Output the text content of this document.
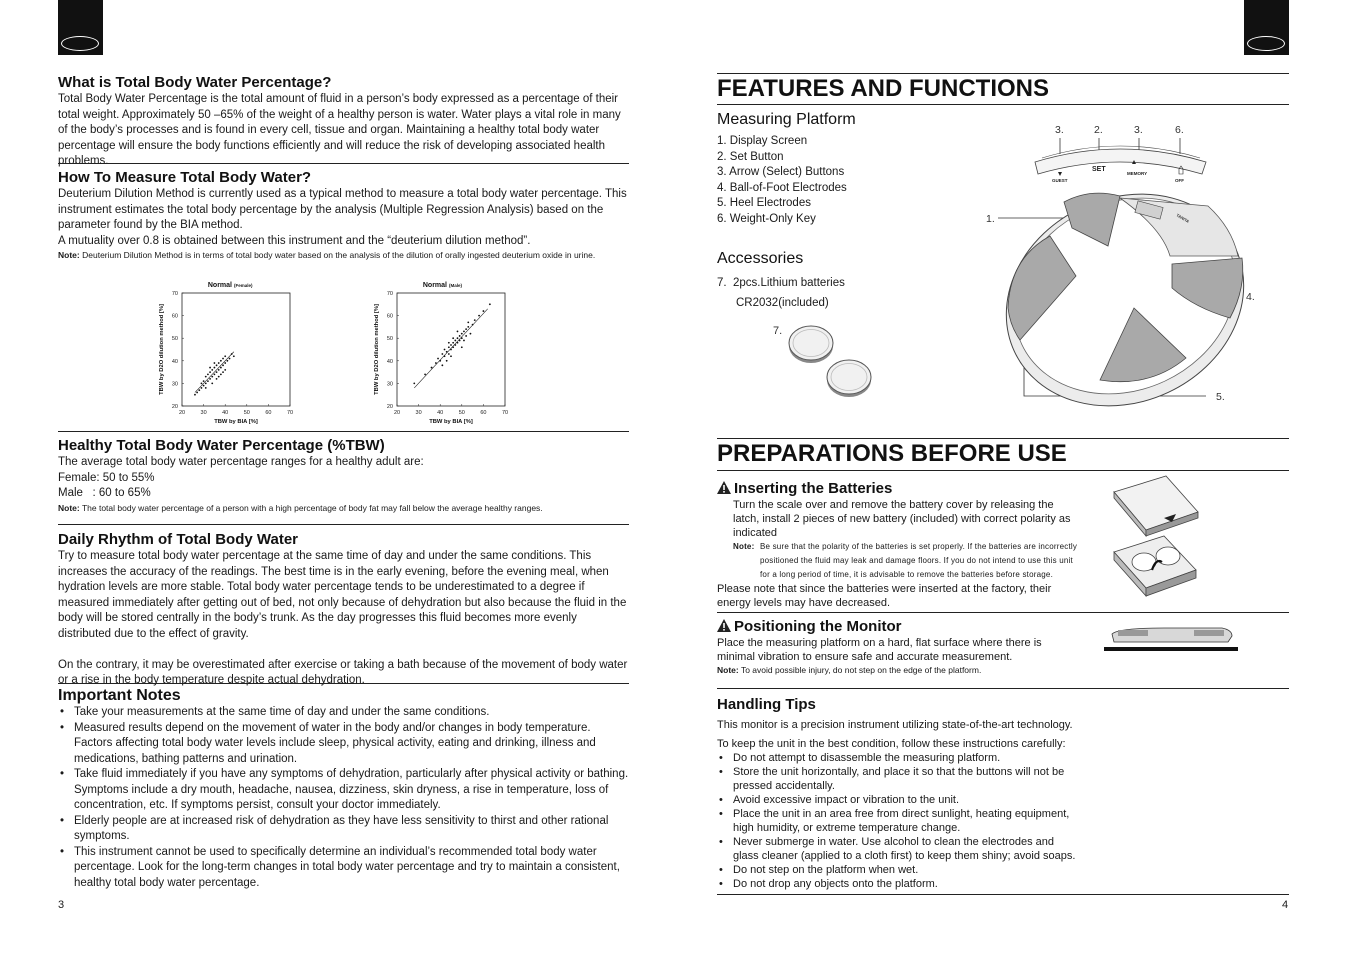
What is Total Body Water Percentage?

Total Body Water Percentage is the total amount of fluid in a person’s body expressed as a percentage of their total weight. Approximately 50 –65% of the weight of a healthy person is water. Water plays a vital role in many of the body’s processes and is found in every cell, tissue and organ. Maintaining a healthy total body water percentage will ensure the body functions efficiently and will reduce the risk of developing associated health problems.

How To Measure Total Body Water?

Deuterium Dilution Method is currently used as a typical method to measure a total body water percentage. This instrument estimates the total body percentage by the analysis (Multiple Regression Analysis) based on the parameter found by the BIA method.

A mutuality over 0.8 is obtained between this instrument and the “deuterium dilution method”.

Note: Deuterium Dilution Method is in terms of total body water based on the analysis of the dilution of orally ingested deuterium oxide in urine.

Normal (Female)
20	30	40	50	60	70
20
30
40
50
60
70
TBW by BIA [%]
TBW by D2O dilution method [%]
Normal (Male)
20	30	40	50	60	70
20
30
40
50
60
70
TBW by BIA [%]
TBW by D2O dilution method [%]
Healthy Total Body Water Percentage (%TBW)

The average total body water percentage ranges for a healthy adult are:

Female: 50 to 55%

Male   : 60 to 65%

Note: The total body water percentage of a person with a high percentage of body fat may fall below the average healthy ranges.

Daily Rhythm of Total Body Water

Try to measure total body water percentage at the same time of day and under the same conditions. This increases the accuracy of the readings. The best time is in the early evening, before the evening meal, when hydration levels are more stable. Total body water percentage tends to be underestimated to a degree if measured immediately after getting out of bed, not only because of dehydration but also because the fluid in the body will be stored centrally in the body’s trunk. As the day progresses this fluid becomes more evenly distributed due to the effect of gravity.

On the contrary, it may be overestimated after exercise or taking a bath because of the movement of body water or a rise in the body temperature despite actual dehydration.

Important Notes
• Take your measurements at the same time of day and under the same conditions.
• Measured results depend on the movement of water in the body and/or changes in body temperature. Factors affecting total body water levels include sleep, physical activity, eating and drinking, illness and medications, bathing patterns and urination.
• Take fluid immediately if you have any symptoms of dehydration, particularly after physical activity or bathing. Symptoms include a dry mouth, headache, nausea, dizziness, skin dryness, a rise in temperature, loss of concentration, etc. If symptoms persist, consult your doctor immediately.
• Elderly people are at increased risk of dehydration as they have less sensitivity to thirst and other rational symptoms.
• This instrument cannot be used to specifically determine an individual’s recommended total body water percentage. Look for the long-term changes in total body water percentage and try to maintain a consistent, healthy total body water percentage.
3
FEATURES AND FUNCTIONS
Measuring Platform

1. Display Screen

2. Set Button

3. Arrow (Select) Buttons

4. Ball-of-Foot Electrodes

5. Heel Electrodes

6. Weight-Only Key

Accessories

7. 2pcs.Lithium batteries

CR2032(included)

7.
3.	2.	3.	6.
1.
4.
5.
SET
MEMORY
GUEST	OFF
TANITA
PREPARATIONS BEFORE USE
Inserting the Batteries

Turn the scale over and remove the battery cover by releasing the latch, install 2 pieces of new battery (included) with correct polarity as indicated

Note: Be sure that the polarity of the batteries is set properly. If the batteries are incorrectly positioned the fluid may leak and damage floors. If you do not intend to use this unit for a long period of time, it is advisable to remove the batteries before storage.

Please note that since the batteries were inserted at the factory, their energy levels may have decreased.

Positioning the Monitor

Place the measuring platform on a hard, flat surface where there is minimal vibration to ensure safe and accurate measurement.

Note: To avoid possible injury, do not step on the edge of the platform.

Handling Tips

This monitor is a precision instrument utilizing state-of-the-art technology.

To keep the unit in the best condition, follow these instructions carefully:

• Do not attempt to disassemble the measuring platform.
• Store the unit horizontally, and place it so that the buttons will not be pressed accidentally.
• Avoid excessive impact or vibration to the unit.
• Place the unit in an area free from direct sunlight, heating equipment, high humidity, or extreme temperature change.
• Never submerge in water. Use alcohol to clean the electrodes and glass cleaner (applied to a cloth first) to keep them shiny; avoid soaps.
• Do not step on the platform when wet.
• Do not drop any objects onto the platform.
4
